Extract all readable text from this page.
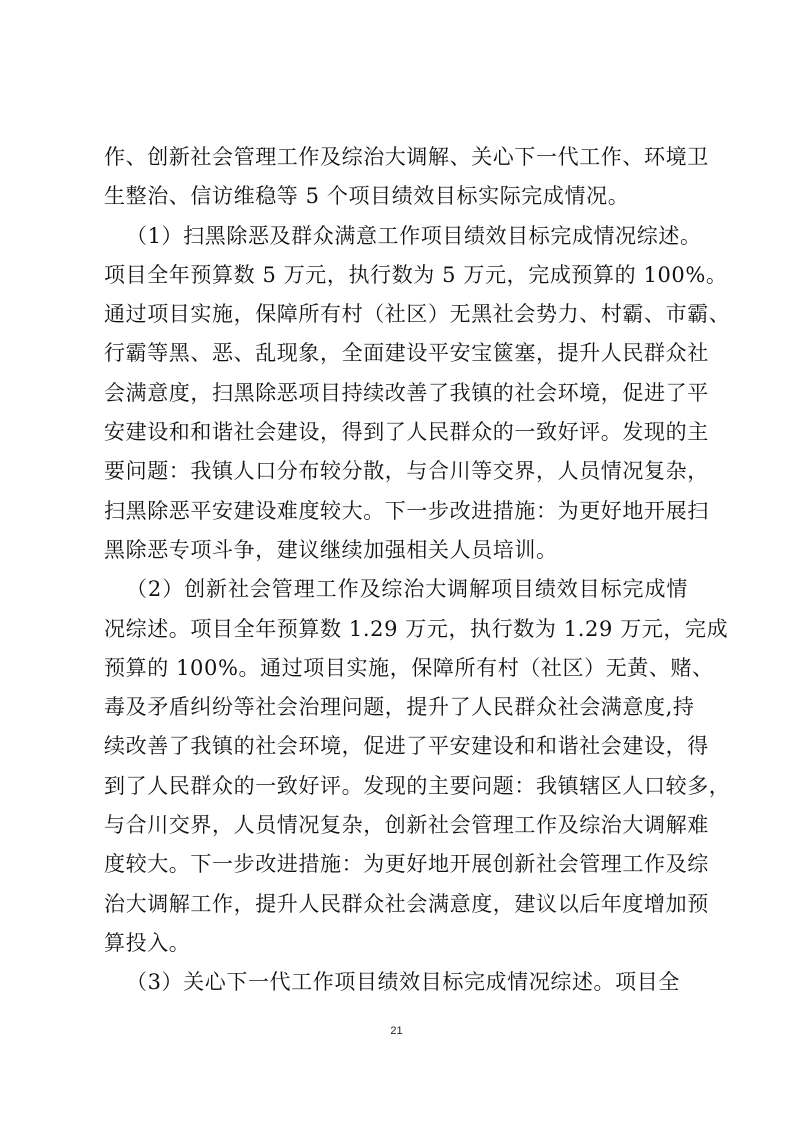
作、创新社会管理工作及综治大调解、关心下一代工作、环境卫
生整治、信访维稳等 5 个项目绩效目标实际完成情况。
（1）扫黑除恶及群众满意工作项目绩效目标完成情况综述。
项目全年预算数 5 万元，执行数为 5 万元，完成预算的 100%。
通过项目实施，保障所有村（社区）无黑社会势力、村霸、市霸、
行霸等黑、恶、乱现象，全面建设平安宝篋塞，提升人民群众社
会满意度，扫黑除恶项目持续改善了我镇的社会环境，促进了平
安建设和和谐社会建设，得到了人民群众的一致好评。发现的主
要问题：我镇人口分布较分散，与合川等交界，人员情况复杂，
扫黑除恶平安建设难度较大。下一步改进措施：为更好地开展扫
黑除恶专项斗争，建议继续加强相关人员培训。
（2）创新社会管理工作及综治大调解项目绩效目标完成情
况综述。项目全年预算数 1.29 万元，执行数为 1.29 万元，完成
预算的 100%。通过项目实施，保障所有村（社区）无黄、赌、
毒及矛盾纠纷等社会治理问题，提升了人民群众社会满意度,持
续改善了我镇的社会环境，促进了平安建设和和谐社会建设，得
到了人民群众的一致好评。发现的主要问题：我镇辖区人口较多，
与合川交界，人员情况复杂，创新社会管理工作及综治大调解难
度较大。下一步改进措施：为更好地开展创新社会管理工作及综
治大调解工作，提升人民群众社会满意度，建议以后年度增加预
算投入。
（3）关心下一代工作项目绩效目标完成情况综述。项目全
21
